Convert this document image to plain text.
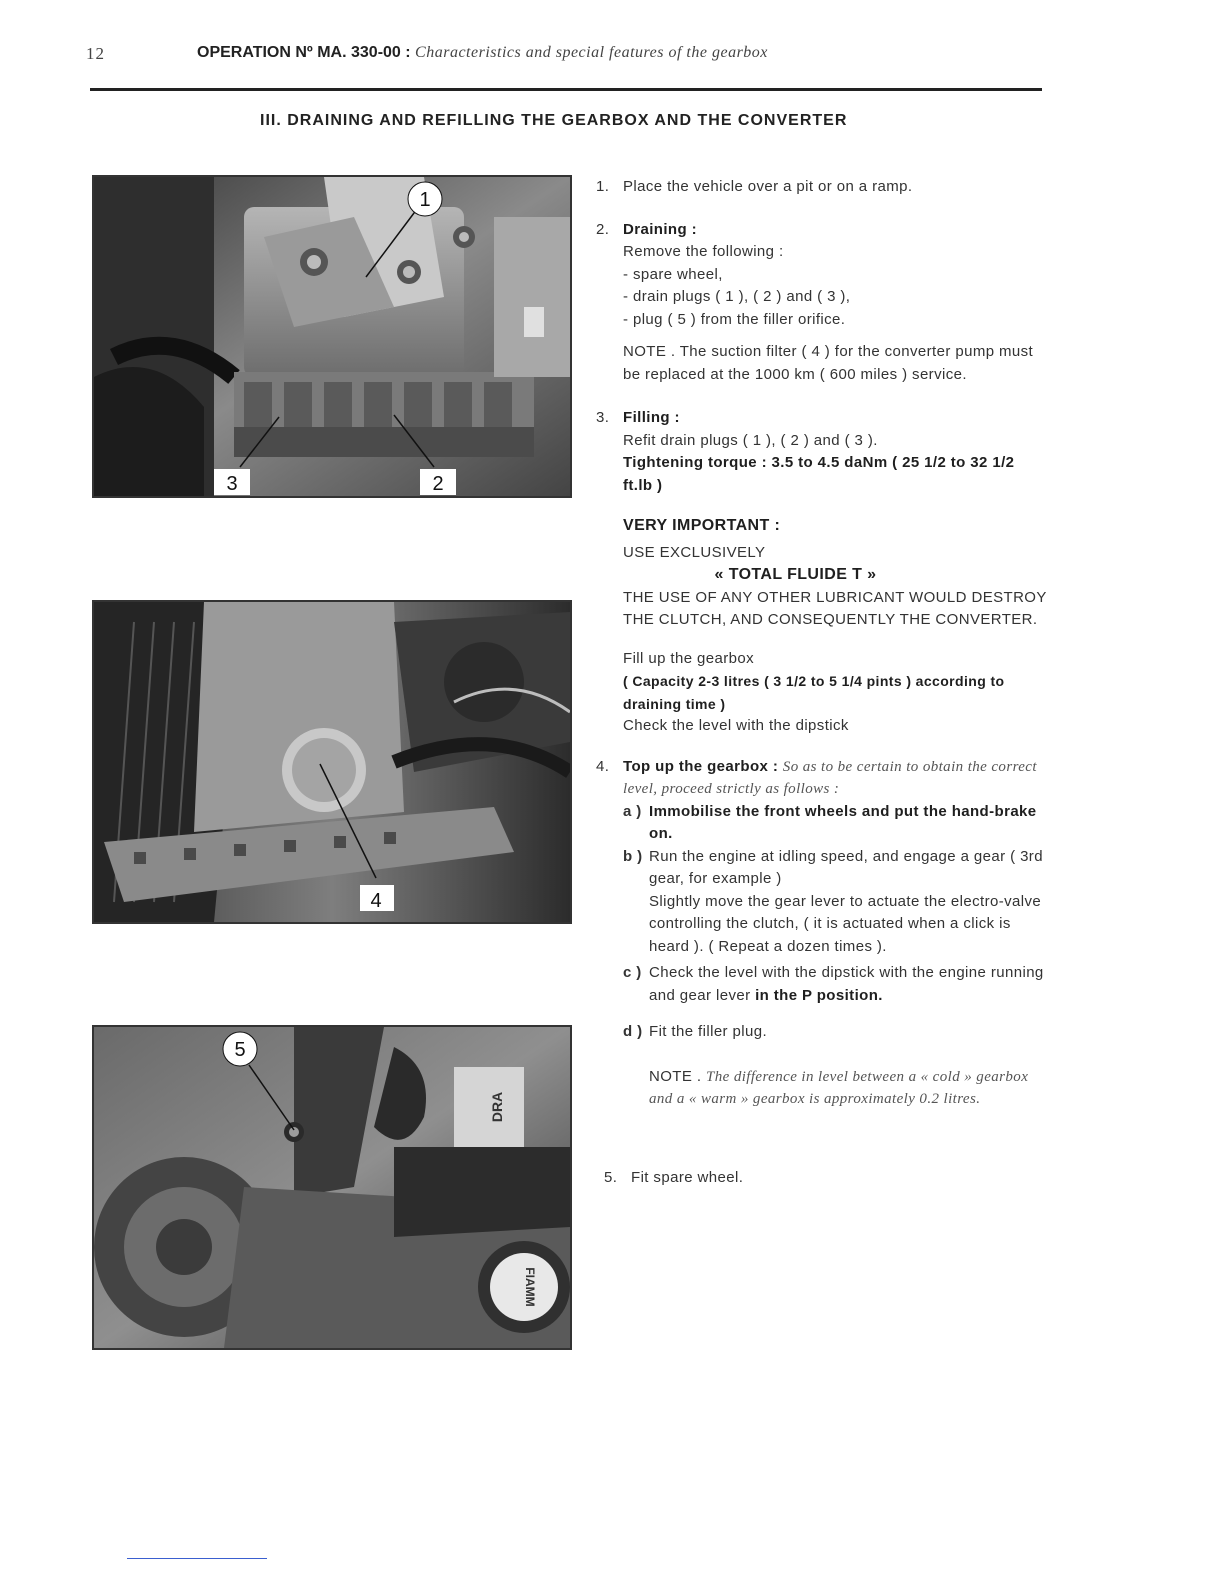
12	OPERATION Nº MA. 330-00 : Characteristics and special features of the gearbox
III. DRAINING AND REFILLING THE GEARBOX AND THE CONVERTER
1
3	2
4
DRA
FIAMM
5
1. Place the vehicle over a pit or on a ramp.

2. Draining :

Remove the following :

- spare wheel,

- drain plugs ( 1 ), ( 2 ) and ( 3 ),

- plug ( 5 ) from the filler orifice.

NOTE . The suction filter ( 4 ) for the converter pump must be replaced at the 1000 km ( 600 miles ) service.

3. Filling :

Refit drain plugs ( 1 ), ( 2 ) and ( 3 ).

Tightening torque : 3.5 to 4.5 daNm ( 25 1/2 to 32 1/2 ft.lb )

VERY IMPORTANT :

USE EXCLUSIVELY

« TOTAL FLUIDE T »

THE USE OF ANY OTHER LUBRICANT WOULD DESTROY THE CLUTCH, AND CONSEQUENTLY THE CONVERTER.

Fill up the gearbox

( Capacity 2-3 litres ( 3 1/2 to 5 1/4 pints ) according to draining time )

Check the level with the dipstick

4. Top up the gearbox : So as to be certain to obtain the correct level, proceed strictly as follows :

a ) Immobilise the front wheels and put the hand-brake on.

b ) Run the engine at idling speed, and engage a gear ( 3rd gear, for example )

Slightly move the gear lever to actuate the electro-valve controlling the clutch, ( it is actuated when a click is heard ). ( Repeat a dozen times ).

c ) Check the level with the dipstick with the engine running and gear lever in the P position.

d ) Fit the filler plug.

NOTE . The difference in level between a « cold » gearbox and a « warm » gearbox is approximately 0.2 litres.

5. Fit spare wheel.
